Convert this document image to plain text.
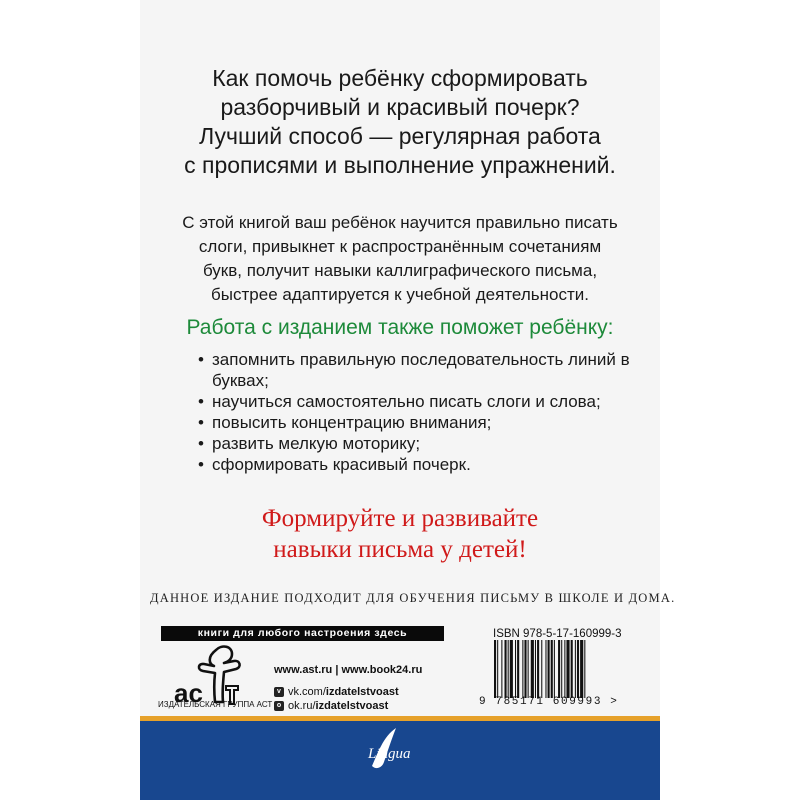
Как помочь ребёнку сформировать
разборчивый и красивый почерк?
Лучший способ — регулярная работа
с прописями и выполнение упражнений.
С этой книгой ваш ребёнок научится правильно писать
слоги, привыкнет к распространённым сочетаниям
букв, получит навыки каллиграфического письма,
быстрее адаптируется к учебной деятельности.
Работа с изданием также поможет ребёнку:
• запомнить правильную последовательность линий в буквах;
• научиться самостоятельно писать слоги и слова;
• повысить концентрацию внимания;
• развить мелкую моторику;
• сформировать красивый почерк.
Формируйте и развивайте
навыки письма у детей!
ДАННОЕ ИЗДАНИЕ ПОДХОДИТ ДЛЯ ОБУЧЕНИЯ ПИСЬМУ В ШКОЛЕ И ДОМА.
книги для любого настроения здесь
ac
ИЗДАТЕЛЬСКАЯ ГРУППА АСТ
www.ast.ru | www.book24.ru
v vk.com/ izdatelstvoast
o ok.ru/ izdatelstvoast
ISBN 978-5-17-160999-3
9 785171 609993 >
Lingua
